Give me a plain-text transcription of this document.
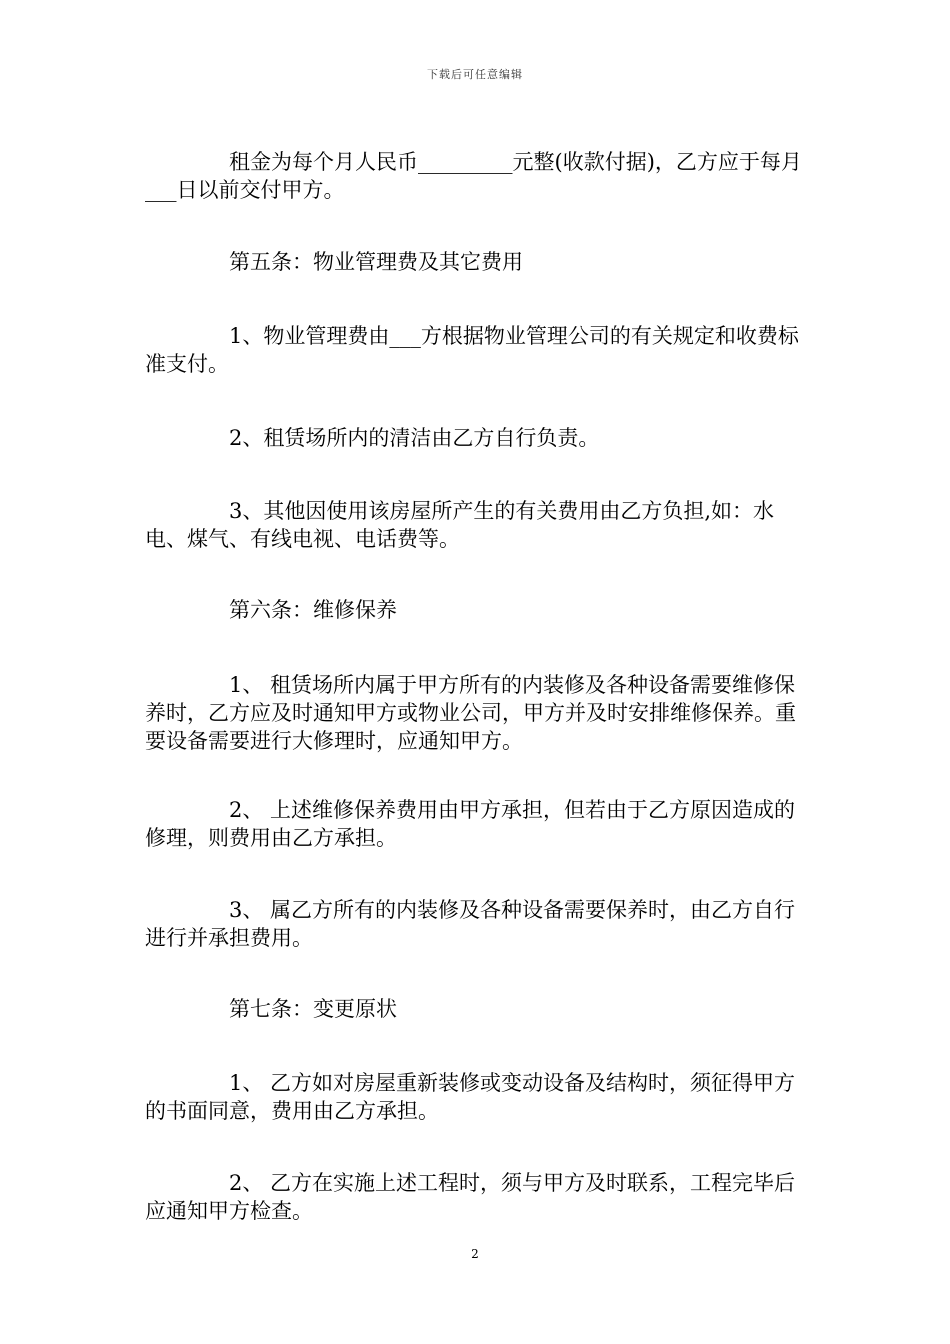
下载后可任意编辑

租金为每个月人民币_________元整(收款付据)，乙方应于每月___日以前交付甲方。

第五条：物业管理费及其它费用

1、物业管理费由___方根据物业管理公司的有关规定和收费标准支付。

2、租赁场所内的清洁由乙方自行负责。

3、其他因使用该房屋所产生的有关费用由乙方负担,如：水电、煤气、有线电视、电话费等。

第六条：维修保养

1、 租赁场所内属于甲方所有的内装修及各种设备需要维修保养时，乙方应及时通知甲方或物业公司，甲方并及时安排维修保养。重要设备需要进行大修理时，应通知甲方。

2、 上述维修保养费用由甲方承担，但若由于乙方原因造成的修理，则费用由乙方承担。

3、 属乙方所有的内装修及各种设备需要保养时，由乙方自行进行并承担费用。

第七条：变更原状

1、 乙方如对房屋重新装修或变动设备及结构时，须征得甲方的书面同意，费用由乙方承担。

2、 乙方在实施上述工程时，须与甲方及时联系，工程完毕后应通知甲方检查。

2
